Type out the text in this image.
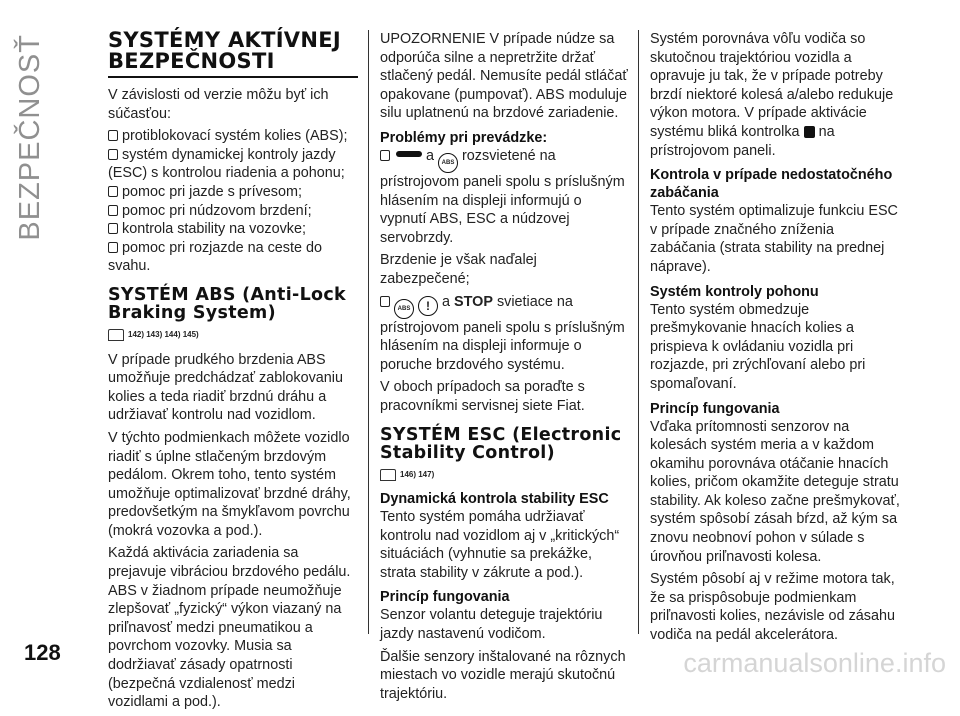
BEZPEČNOSŤ	SYSTÉMY AKTÍVNEJ BEZPEČNOSTI

V závislosti od verzie môžu byť ich súčasťou:

protiblokovací systém kolies (ABS);
systém dynamickej kontroly jazdy (ESC) s kontrolou riadenia a pohonu;
pomoc pri jazde s prívesom;
pomoc pri núdzovom brzdení;
kontrola stability na vozovke;
pomoc pri rozjazde na ceste do svahu.
SYSTÉM ABS (Anti-Lock Braking System)
142) 143) 144) 145)

V prípade prudkého brzdenia ABS umožňuje predchádzať zablokovaniu kolies a teda riadiť brzdnú dráhu a udržiavať kontrolu nad vozidlom.

V týchto podmienkach môžete vozidlo riadiť s úplne stlačeným brzdovým pedálom. Okrem toho, tento systém umožňuje optimalizovať brzdné dráhy, predovšetkým na šmykľavom povrchu (mokrá vozovka a pod.).

Každá aktivácia zariadenia sa prejavuje vibráciou brzdového pedálu. ABS v žiadnom prípade neumožňuje zlepšovať „fyzický“ výkon viazaný na priľnavosť medzi pneumatikou a povrchom vozovky. Musia sa dodržiavať zásady opatrnosti (bezpečná vzdialenosť medzi vozidlami a pod.).

UPOZORNENIE V prípade núdze sa odporúča silne a nepretržite držať stlačený pedál. Nemusíte pedál stláčať opakovane (pumpovať). ABS moduluje silu uplatnenú na brzdové zariadenie.

Problémy pri prevádzke:

a ABS rozsvietené na prístrojovom paneli spolu s príslušným hlásením na displeji informujú o vypnutí ABS, ESC a núdzovej servobrzdy.

Brzdenie je však naďalej zabezpečené;

ABS ! a STOP svietiace na prístrojovom paneli spolu s príslušným hlásením na displeji informuje o poruche brzdového systému.

V oboch prípadoch sa poraďte s pracovníkmi servisnej siete Fiat.

SYSTÉM ESC (Electronic Stability Control)
146) 147)
Dynamická kontrola stability ESC

Tento systém pomáha udržiavať kontrolu nad vozidlom aj v „kritických“ situáciách (vyhnutie sa prekážke, strata stability v zákrute a pod.).

Princíp fungovania

Senzor volantu deteguje trajektóriu jazdy nastavenú vodičom.

Ďalšie senzory inštalované na rôznych miestach vo vozidle merajú skutočnú trajektóriu.

Systém porovnáva vôľu vodiča so skutočnou trajektóriou vozidla a opravuje ju tak, že v prípade potreby brzdí niektoré kolesá a/alebo redukuje výkon motora. V prípade aktivácie systému bliká kontrolka na prístrojovom paneli.

Kontrola v prípade nedostatočného zabáčania

Tento systém optimalizuje funkciu ESC v prípade značného zníženia zabáčania (strata stability na prednej náprave).

Systém kontroly pohonu

Tento systém obmedzuje prešmykovanie hnacích kolies a prispieva k ovládaniu vozidla pri rozjazde, pri zrýchľovaní alebo pri spomaľovaní.

Princíp fungovania

Vďaka prítomnosti senzorov na kolesách systém meria a v každom okamihu porovnáva otáčanie hnacích kolies, pričom okamžite deteguje stratu stability. Ak koleso začne prešmykovať, systém spôsobí zásah bŕzd, až kým sa znovu neobnoví pohon v súlade s úrovňou priľnavosti kolesa.

Systém pôsobí aj v režime motora tak, že sa prispôsobuje podmienkam priľnavosti kolies, nezávisle od zásahu vodiča na pedál akcelerátora.

128	carmanualsonline.info
